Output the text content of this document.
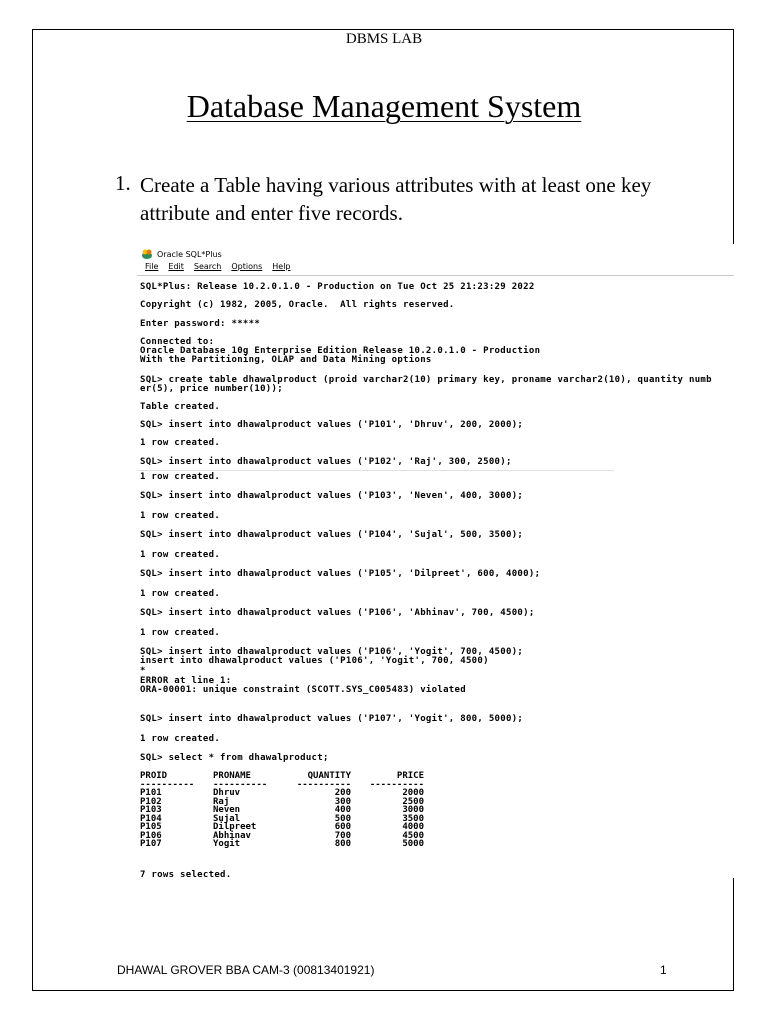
DBMS LAB
Database Management System
1. Create a Table having various attributes with at least one key attribute and enter five records.
Oracle SQL*Plus
File Edit Search Options Help
SQL*Plus: Release 10.2.0.1.0 - Production on Tue Oct 25 21:23:29 2022
Copyright (c) 1982, 2005, Oracle.  All rights reserved.
Enter password: *****
Connected to:
Oracle Database 10g Enterprise Edition Release 10.2.0.1.0 - Production
With the Partitioning, OLAP and Data Mining options
SQL> create table dhawalproduct (proid varchar2(10) primary key, proname varchar2(10), quantity numb
er(5), price number(10));
Table created.
SQL> insert into dhawalproduct values ('P101', 'Dhruv', 200, 2000);
1 row created.
SQL> insert into dhawalproduct values ('P102', 'Raj', 300, 2500);
1 row created.
SQL> insert into dhawalproduct values ('P103', 'Neven', 400, 3000);
1 row created.
SQL> insert into dhawalproduct values ('P104', 'Sujal', 500, 3500);
1 row created.
SQL> insert into dhawalproduct values ('P105', 'Dilpreet', 600, 4000);
1 row created.
SQL> insert into dhawalproduct values ('P106', 'Abhinav', 700, 4500);
1 row created.
SQL> insert into dhawalproduct values ('P106', 'Yogit', 700, 4500);
insert into dhawalproduct values ('P106', 'Yogit', 700, 4500)
*
ERROR at line 1:
ORA-00001: unique constraint (SCOTT.SYS_C005483) violated
SQL> insert into dhawalproduct values ('P107', 'Yogit', 800, 5000);
1 row created.
SQL> select * from dhawalproduct;
PROID	PRONAME	QUANTITY	PRICE
----------	----------	----------	----------
P101	Dhruv	200	2000
P102	Raj	300	2500
P103	Neven	400	3000
P104	Sujal	500	3500
P105	Dilpreet	600	4000
P106	Abhinav	700	4500
P107	Yogit	800	5000
7 rows selected.
DHAWAL GROVER BBA CAM-3 (00813401921)	1
